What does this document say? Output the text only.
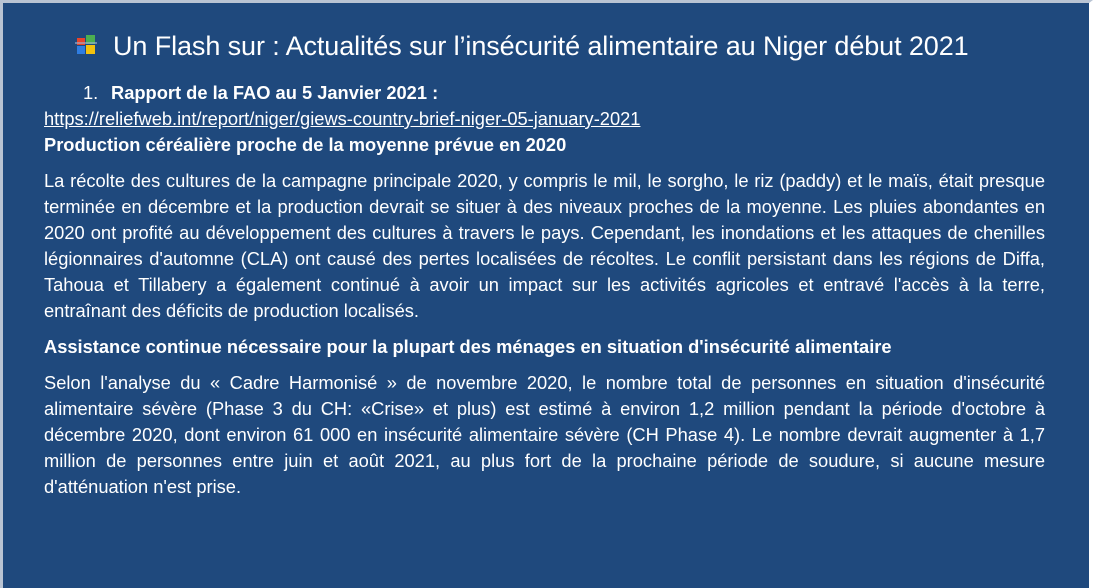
Un Flash sur : Actualités sur l’insécurité alimentaire au Niger début 2021
1. Rapport de la FAO au 5 Janvier 2021 :
https://reliefweb.int/report/niger/giews-country-brief-niger-05-january-2021
Production céréalière proche de la moyenne prévue en 2020

La récolte des cultures de la campagne principale 2020, y compris le mil, le sorgho, le riz (paddy) et le maïs, était presque terminée en décembre et la production devrait se situer à des niveaux proches de la moyenne. Les pluies abondantes en 2020 ont profité au développement des cultures à travers le pays. Cependant, les inondations et les attaques de chenilles légionnaires d'automne (CLA) ont causé des pertes localisées de récoltes. Le conflit persistant dans les régions de Diffa, Tahoua et Tillabery a également continué à avoir un impact sur les activités agricoles et entravé l'accès à la terre, entraînant des déficits de production localisés.

Assistance continue nécessaire pour la plupart des ménages en situation d'insécurité alimentaire

Selon l'analyse du « Cadre Harmonisé » de novembre 2020, le nombre total de personnes en situation d'insécurité alimentaire sévère (Phase 3 du CH: «Crise» et plus) est estimé à environ 1,2 million pendant la période d'octobre à décembre 2020, dont environ 61 000 en insécurité alimentaire sévère (CH Phase 4). Le nombre devrait augmenter à 1,7 million de personnes entre juin et août 2021, au plus fort de la prochaine période de soudure, si aucune mesure d'atténuation n'est prise.
